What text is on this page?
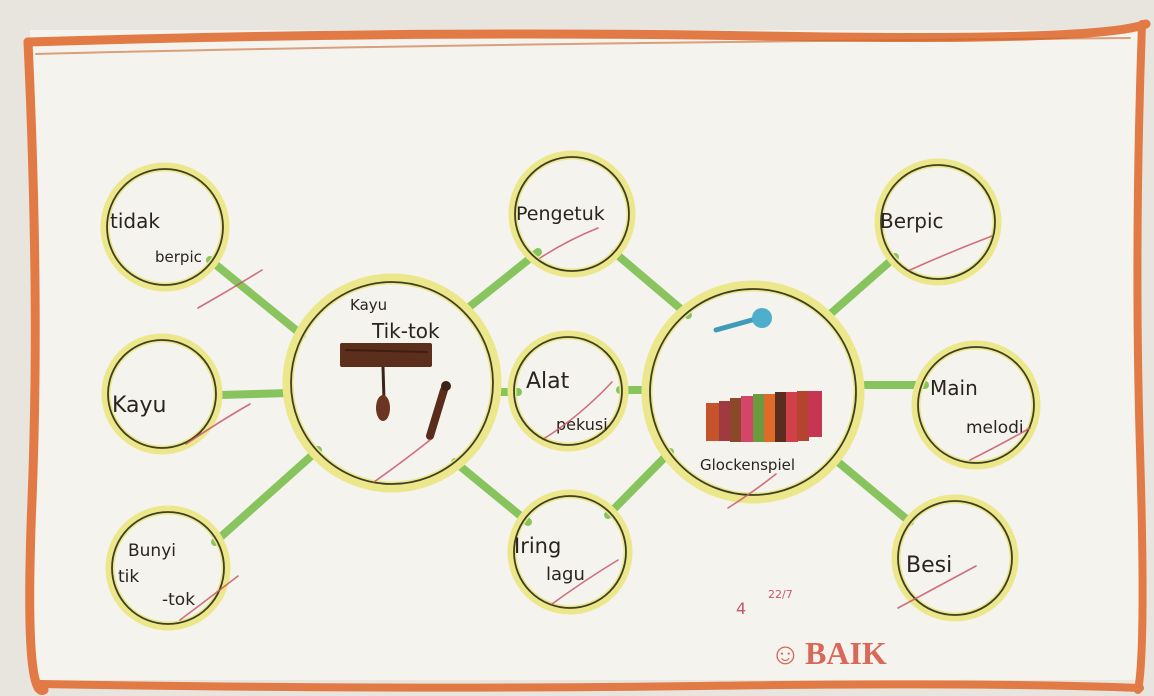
tidak
berpic
Kayu
Bunyi
tik
-tok
Kayu
Tik-tok
Pengetuk
Alat
pekusi
Iring
lagu
Glockenspiel
Berpic
Main
melodi
Besi
4
22/7
☺ BAIK
